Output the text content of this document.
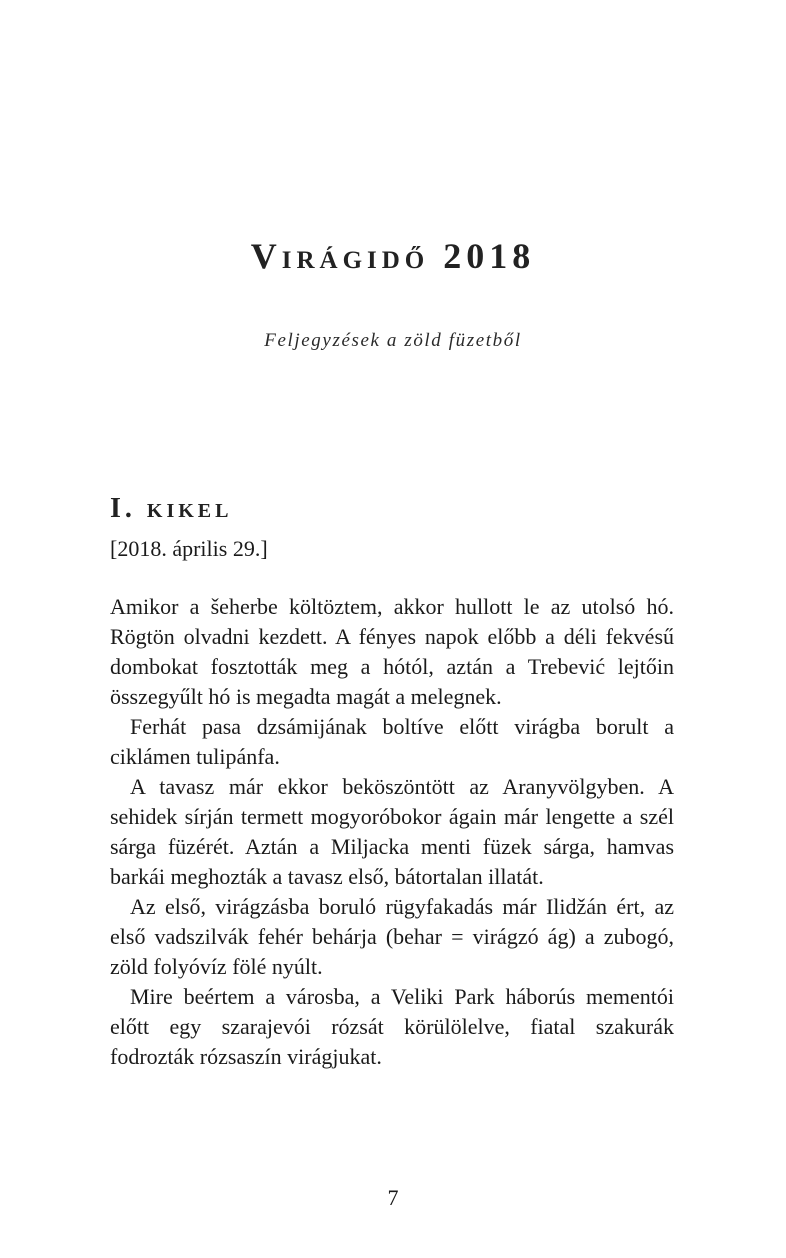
Virágidő 2018

Feljegyzések a zöld füzetből

I. kikel

[2018. április 29.]

Amikor a šeherbe költöztem, akkor hullott le az utolsó hó. Rögtön olvadni kezdett. A fényes napok előbb a déli fekvésű dombokat fosztották meg a hótól, aztán a Trebević lejtőin összegyűlt hó is megadta magát a melegnek.

Ferhát pasa dzsámijának boltíve előtt virágba borult a ciklámen tulipánfa.

A tavasz már ekkor beköszöntött az Aranyvölgyben. A sehidek sírján termett mogyoróbokor ágain már lengette a szél sárga füzérét. Aztán a Miljacka menti füzek sárga, hamvas barkái meghozták a tavasz első, bátortalan illatát.

Az első, virágzásba boruló rügyfakadás már Ilidžán ért, az első vadszilvák fehér behárja (behar = virágzó ág) a zubogó, zöld folyóvíz fölé nyúlt.

Mire beértem a városba, a Veliki Park háborús mementói előtt egy szarajevói rózsát körülölelve, fiatal szakurák fodrozták rózsaszín virágjukat.

7
